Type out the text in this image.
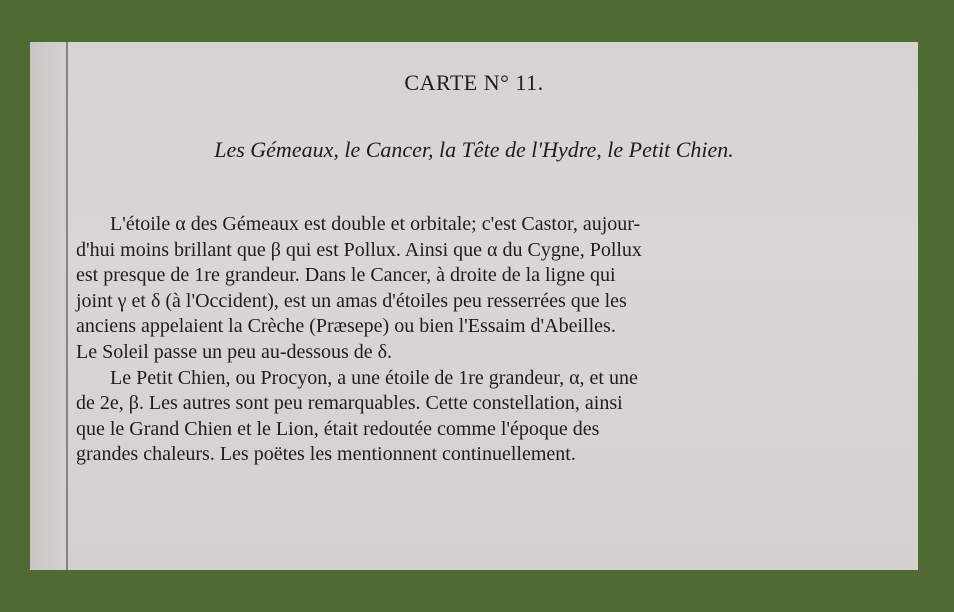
CARTE N° 11.
Les Gémeaux, le Cancer, la Tête de l'Hydre, le Petit Chien.
L'étoile α des Gémeaux est double et orbitale; c'est Castor, aujour-
d'hui moins brillant que β qui est Pollux. Ainsi que α du Cygne, Pollux
est presque de 1re grandeur. Dans le Cancer, à droite de la ligne qui
joint γ et δ (à l'Occident), est un amas d'étoiles peu resserrées que les
anciens appelaient la Crèche (Præsepe) ou bien l'Essaim d'Abeilles.
Le Soleil passe un peu au-dessous de δ.
Le Petit Chien, ou Procyon, a une étoile de 1re grandeur, α, et une
de 2e, β. Les autres sont peu remarquables. Cette constellation, ainsi
que le Grand Chien et le Lion, était redoutée comme l'époque des
grandes chaleurs. Les poëtes les mentionnent continuellement.
